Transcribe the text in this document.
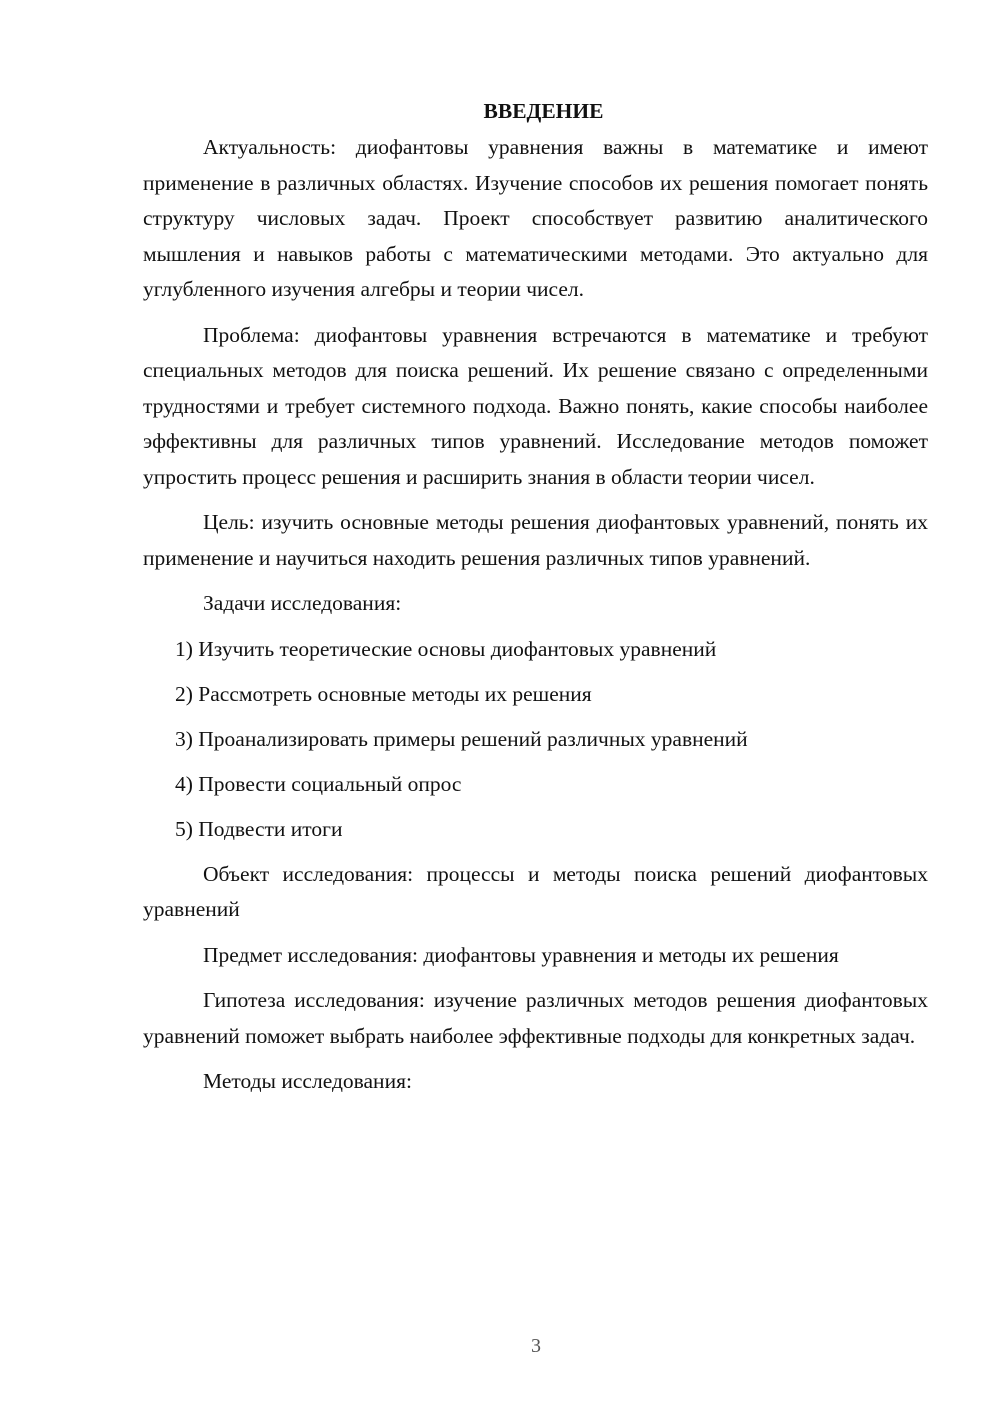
ВВЕДЕНИЕ

Актуальность: диофантовы уравнения важны в математике и имеют применение в различных областях. Изучение способов их решения помогает понять структуру числовых задач. Проект способствует развитию аналитического мышления и навыков работы с математическими методами. Это актуально для углубленного изучения алгебры и теории чисел.

Проблема: диофантовы уравнения встречаются в математике и требуют специальных методов для поиска решений. Их решение связано с определенными трудностями и требует системного подхода. Важно понять, какие способы наиболее эффективны для различных типов уравнений. Исследование методов поможет упростить процесс решения и расширить знания в области теории чисел.

Цель: изучить основные методы решения диофантовых уравнений, понять их применение и научиться находить решения различных типов уравнений.

Задачи исследования:

1) Изучить теоретические основы диофантовых уравнений
2) Рассмотреть основные методы их решения
3) Проанализировать примеры решений различных уравнений
4) Провести социальный опрос
5) Подвести итоги

Объект исследования: процессы и методы поиска решений диофантовых уравнений

Предмет исследования: диофантовы уравнения и методы их решения

Гипотеза исследования: изучение различных методов решения диофантовых уравнений поможет выбрать наиболее эффективные подходы для конкретных задач.

Методы исследования:

3
